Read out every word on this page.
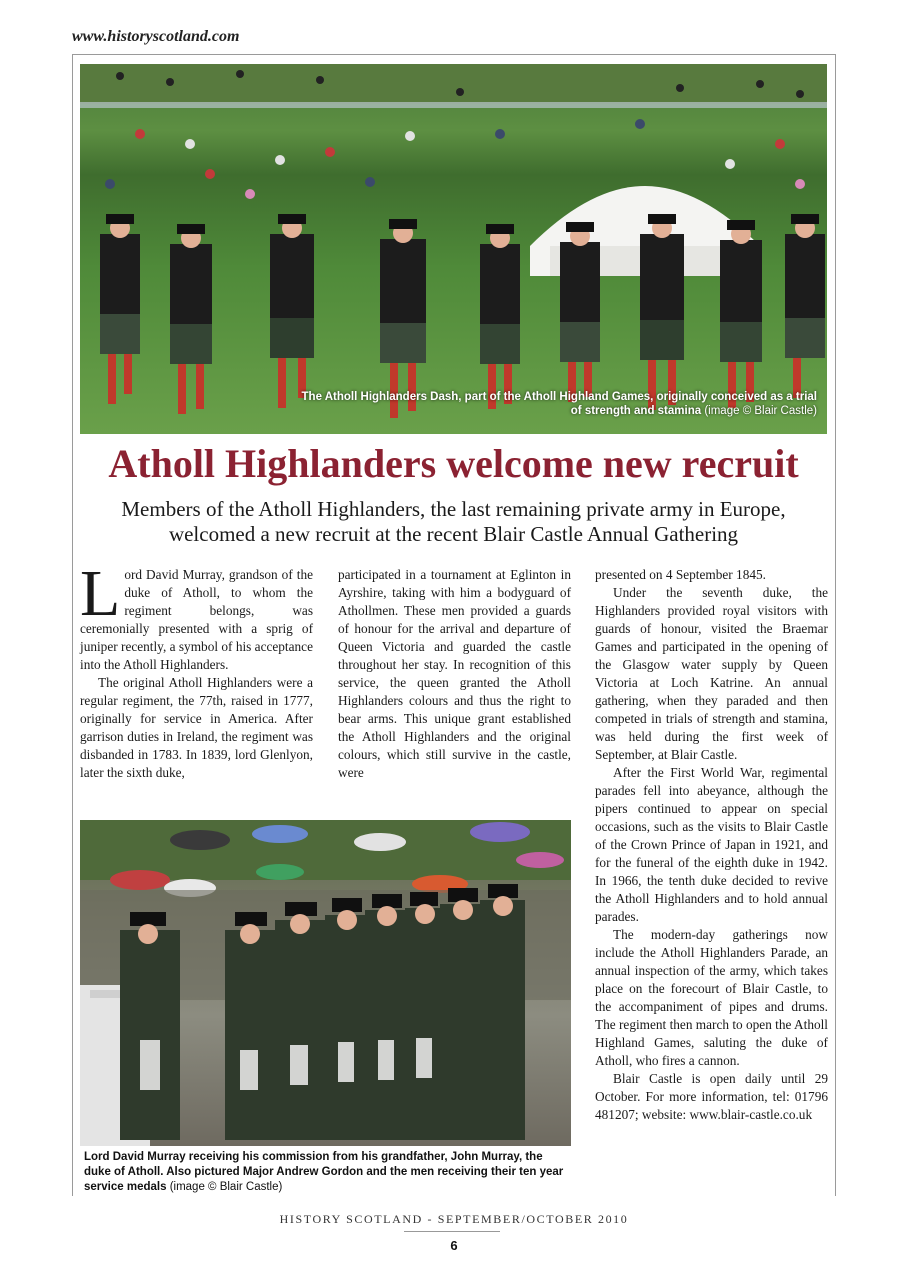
www.historyscotland.com
The Atholl Highlanders Dash, part of the Atholl Highland Games, originally conceived as a trial of strength and stamina (image © Blair Castle)
Atholl Highlanders welcome new recruit
Members of the Atholl Highlanders, the last remaining private army in Europe, welcomed a new recruit at the recent Blair Castle Annual Gathering

Lord David Murray, grandson of the duke of Atholl, to whom the regiment belongs, was ceremonially presented with a sprig of juniper recently, a symbol of his acceptance into the Atholl Highlanders.

The original Atholl Highlanders were a regular regiment, the 77th, raised in 1777, originally for service in America. After garrison duties in Ireland, the regiment was disbanded in 1783. In 1839, lord Glenlyon, later the sixth duke,

participated in a tournament at Eglinton in Ayrshire, taking with him a bodyguard of Athollmen. These men provided a guards of honour for the arrival and departure of Queen Victoria and guarded the castle throughout her stay. In recognition of this service, the queen granted the Atholl Highlanders colours and thus the right to bear arms. This unique grant established the Atholl Highlanders and the original colours, which still survive in the castle, were

presented on 4 September 1845.

Under the seventh duke, the Highlanders provided royal visitors with guards of honour, visited the Braemar Games and participated in the opening of the Glasgow water supply by Queen Victoria at Loch Katrine. An annual gathering, when they paraded and then competed in trials of strength and stamina, was held during the first week of September, at Blair Castle.

After the First World War, regimental parades fell into abeyance, although the pipers continued to appear on special occasions, such as the visits to Blair Castle of the Crown Prince of Japan in 1921, and for the funeral of the eighth duke in 1942. In 1966, the tenth duke decided to revive the Atholl Highlanders and to hold annual parades.

The modern-day gatherings now include the Atholl Highlanders Parade, an annual inspection of the army, which takes place on the forecourt of Blair Castle, to the accompaniment of pipes and drums. The regiment then march to open the Atholl Highland Games, saluting the duke of Atholl, who fires a cannon.

Blair Castle is open daily until 29 October. For more information, tel: 01796 481207; website: www.blair-castle.co.uk

Lord David Murray receiving his commission from his grandfather, John Murray, the duke of Atholl. Also pictured Major Andrew Gordon and the men receiving their ten year service medals (image © Blair Castle)
HISTORY SCOTLAND - SEPTEMBER/OCTOBER 2010
6
